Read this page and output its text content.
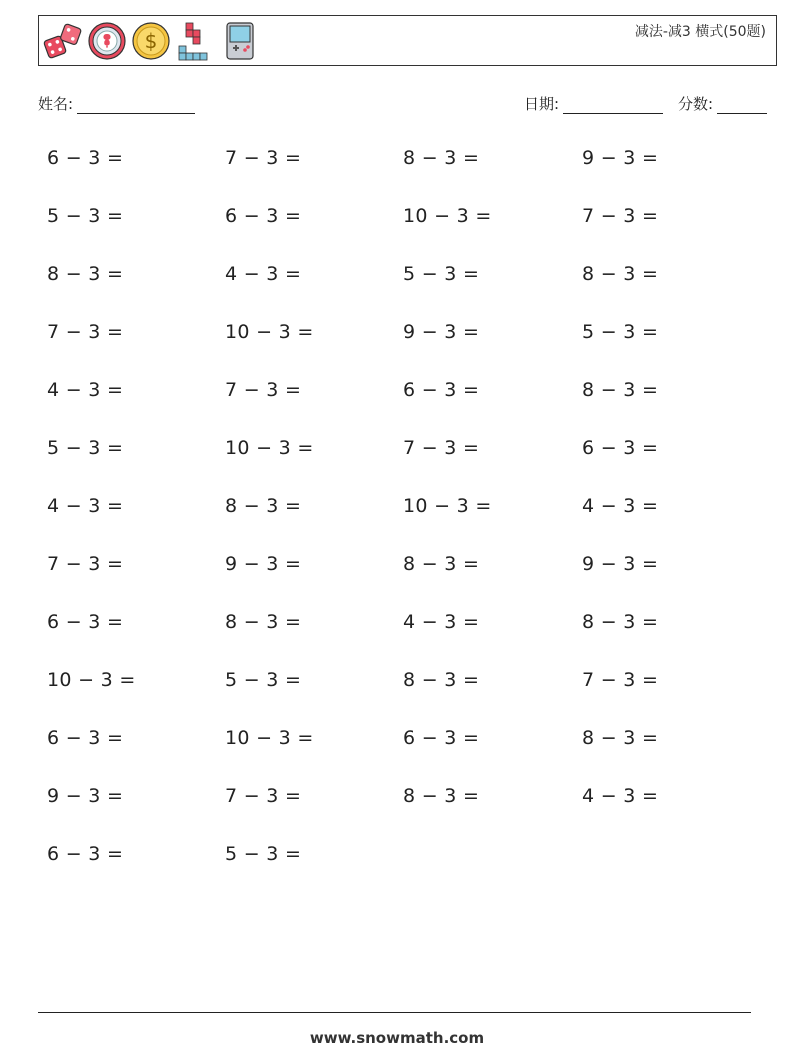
$	减法-减3 横式(50题)
姓名:	日期:	分数:
6 − 3 =	7 − 3 =	8 − 3 =	9 − 3 =
5 − 3 =	6 − 3 =	10 − 3 =	7 − 3 =
8 − 3 =	4 − 3 =	5 − 3 =	8 − 3 =
7 − 3 =	10 − 3 =	9 − 3 =	5 − 3 =
4 − 3 =	7 − 3 =	6 − 3 =	8 − 3 =
5 − 3 =	10 − 3 =	7 − 3 =	6 − 3 =
4 − 3 =	8 − 3 =	10 − 3 =	4 − 3 =
7 − 3 =	9 − 3 =	8 − 3 =	9 − 3 =
6 − 3 =	8 − 3 =	4 − 3 =	8 − 3 =
10 − 3 =	5 − 3 =	8 − 3 =	7 − 3 =
6 − 3 =	10 − 3 =	6 − 3 =	8 − 3 =
9 − 3 =	7 − 3 =	8 − 3 =	4 − 3 =
6 − 3 =	5 − 3 =
www.snowmath.com
